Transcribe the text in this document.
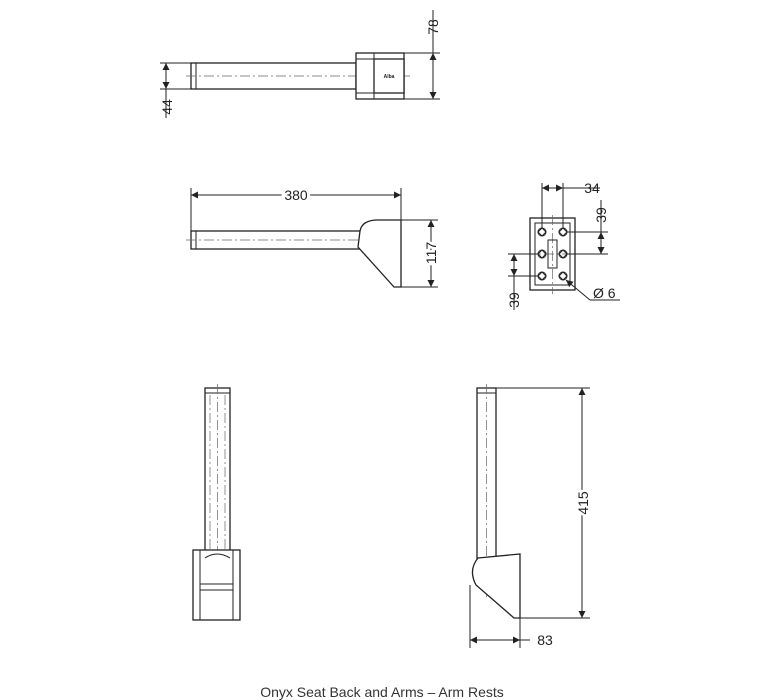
Alba
78
44
380
117
34
39
39	Ø 6
415
83
Onyx Seat Back and Arms – Arm Rests
